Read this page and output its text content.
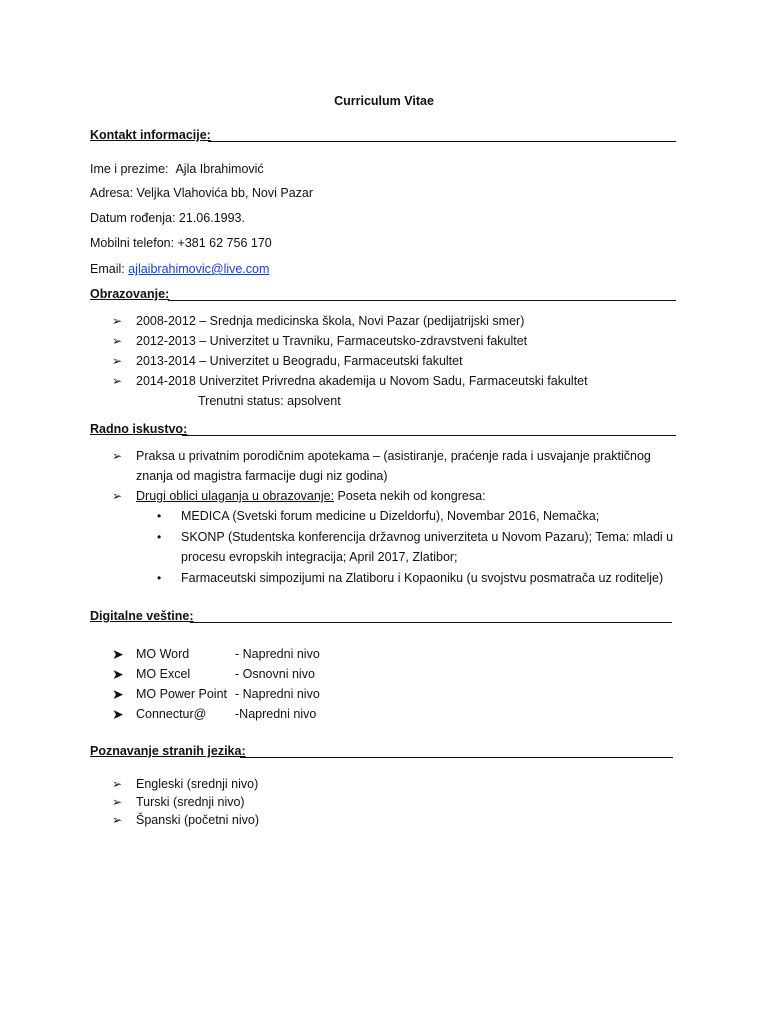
Curriculum Vitae
Kontakt informacije:
Ime i prezime: Ajla Ibrahimović
Adresa: Veljka Vlahovića bb, Novi Pazar
Datum rođenja: 21.06.1993.
Mobilni telefon: +381 62 756 170
Email: ajlaibrahimovic@live.com
Obrazovanje:
➢ 2008-2012 – Srednja medicinska škola, Novi Pazar (pedijatrijski smer)
➢ 2012-2013 – Univerzitet u Travniku, Farmaceutsko-zdravstveni fakultet
➢ 2013-2014 – Univerzitet u Beogradu, Farmaceutski fakultet
➢ 2014-2018 Univerzitet Privredna akademija u Novom Sadu, Farmaceutski fakultet
Trenutni status: apsolvent
Radno iskustvo:
➢ Praksa u privatnim porodičnim apotekama – (asistiranje, praćenje rada i usvajanje praktičnog
znanja od magistra farmacije dugi niz godina)
➢ Drugi oblici ulaganja u obrazovanje: Poseta nekih od kongresa:
• MEDICA (Svetski forum medicine u Dizeldorfu), Novembar 2016, Nemačka;
• SKONP (Studentska konferencija državnog univerziteta u Novom Pazaru); Tema: mladi u
procesu evropskih integracija; April 2017, Zlatibor;
• Farmaceutski simpozijumi na Zlatiboru i Kopaoniku (u svojstvu posmatrača uz roditelje)
Digitalne veštine:
➤ MO Word	- Napredni nivo
➤ MO Excel	- Osnovni nivo
➤ MO Power Point - Napredni nivo
➤ Connectur@ -Napredni nivo
Poznavanje stranih jezika:
➢ Engleski (srednji nivo)
➢ Turski (srednji nivo)
➢ Španski (početni nivo)
